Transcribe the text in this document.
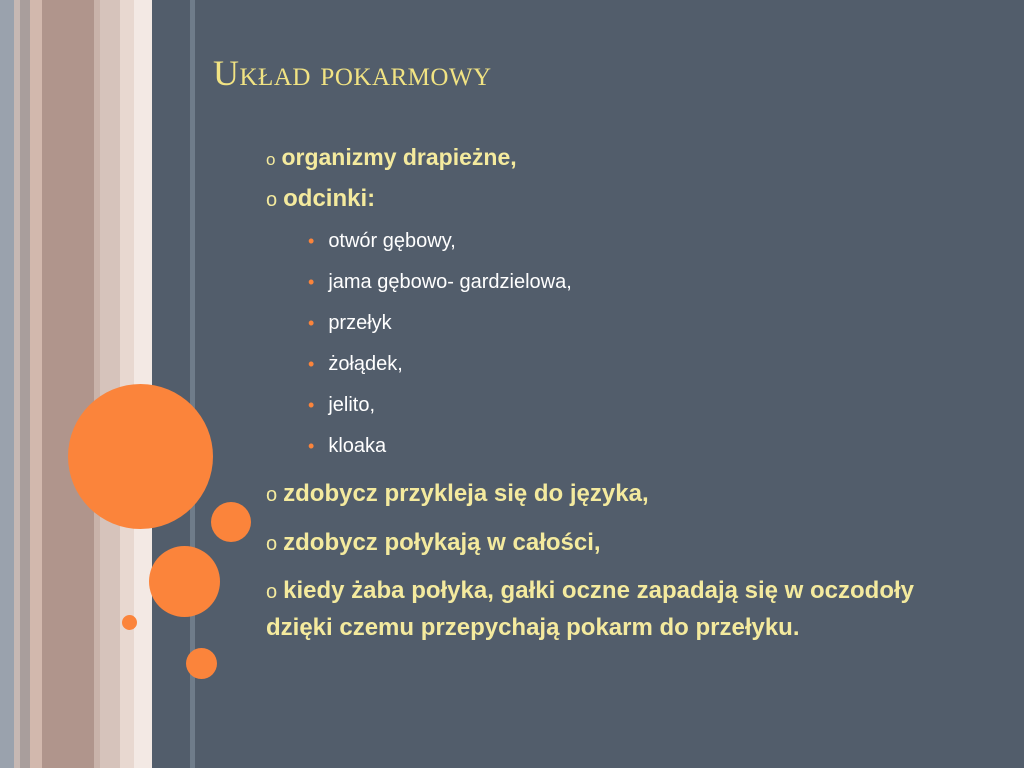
Układ pokarmowy

o organizmy drapieżne,

o odcinki:

• otwór gębowy,

• jama gębowo- gardzielowa,

• przełyk

• żołądek,

• jelito,

• kloaka

o zdobycz przykleja się do języka,

o zdobycz połykają w całości,

o kiedy żaba połyka, gałki oczne zapadają się w oczodoły dzięki czemu przepychają pokarm do przełyku.
